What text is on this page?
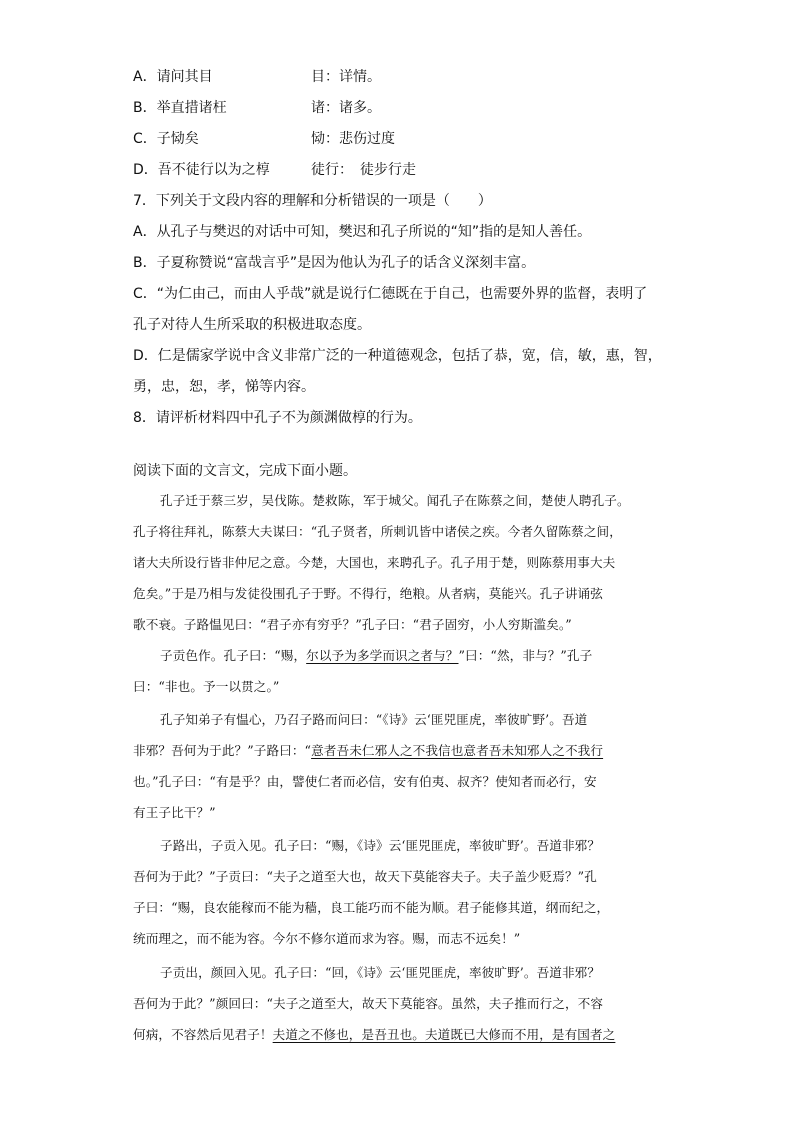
A．请问其目	目：详情。
B．举直措诸枉	诸：诸多。
C．子恸矣	恸：悲伤过度
D．吾不徒行以为之椁	徒行：　徒步行走
7．下列关于文段内容的理解和分析错误的一项是（　　）
A．从孔子与樊迟的对话中可知，樊迟和孔子所说的“知”指的是知人善任。
B．子夏称赞说“富哉言乎”是因为他认为孔子的话含义深刻丰富。
C．“为仁由己，而由人乎哉”就是说行仁德既在于自己，也需要外界的监督，表明了
孔子对待人生所采取的积极进取态度。
D．仁是儒家学说中含义非常广泛的一种道德观念，包括了恭，宽，信，敏，惠，智，
勇，忠，恕，孝，悌等内容。
8．请评析材料四中孔子不为颜渊做椁的行为。
阅读下面的文言文，完成下面小题。
孔子迁于蔡三岁，吴伐陈。楚救陈，军于城父。闻孔子在陈蔡之间，楚使人聘孔子。
孔子将往拜礼，陈蔡大夫谋曰：“孔子贤者，所刺讥皆中诸侯之疾。今者久留陈蔡之间，
诸大夫所设行皆非仲尼之意。今楚，大国也，来聘孔子。孔子用于楚，则陈蔡用事大夫
危矣。”于是乃相与发徒役围孔子于野。不得行，绝粮。从者病，莫能兴。孔子讲诵弦
歌不衰。子路愠见曰：“君子亦有穷乎？”孔子曰：“君子固穷，小人穷斯滥矣。”
子贡色作。孔子曰：“赐，尔以予为多学而识之者与？”曰：“然，非与？”孔子
曰：“非也。予一以贯之。”
孔子知弟子有愠心，乃召子路而问曰：“《诗》云‘匪兕匪虎，率彼旷野’。吾道
非邪？吾何为于此？”子路曰：“意者吾未仁邪人之不我信也意者吾未知邪人之不我行
也。”孔子曰：“有是乎？由，譬使仁者而必信，安有伯夷、叔齐？使知者而必行，安
有王子比干？”
子路出，子贡入见。孔子曰：“赐，《诗》云‘匪兕匪虎，率彼旷野’。吾道非邪？
吾何为于此？”子贡曰：“夫子之道至大也，故天下莫能容夫子。夫子盖少贬焉？”孔
子曰：“赐，良农能稼而不能为穑，良工能巧而不能为顺。君子能修其道，纲而纪之，
统而理之，而不能为容。今尔不修尔道而求为容。赐，而志不远矣！”
子贡出，颜回入见。孔子曰：“回，《诗》云‘匪兕匪虎，率彼旷野’。吾道非邪？
吾何为于此？”颜回曰：“夫子之道至大，故天下莫能容。虽然，夫子推而行之，不容
何病，不容然后见君子！夫道之不修也，是吾丑也。夫道既已大修而不用，是有国者之
